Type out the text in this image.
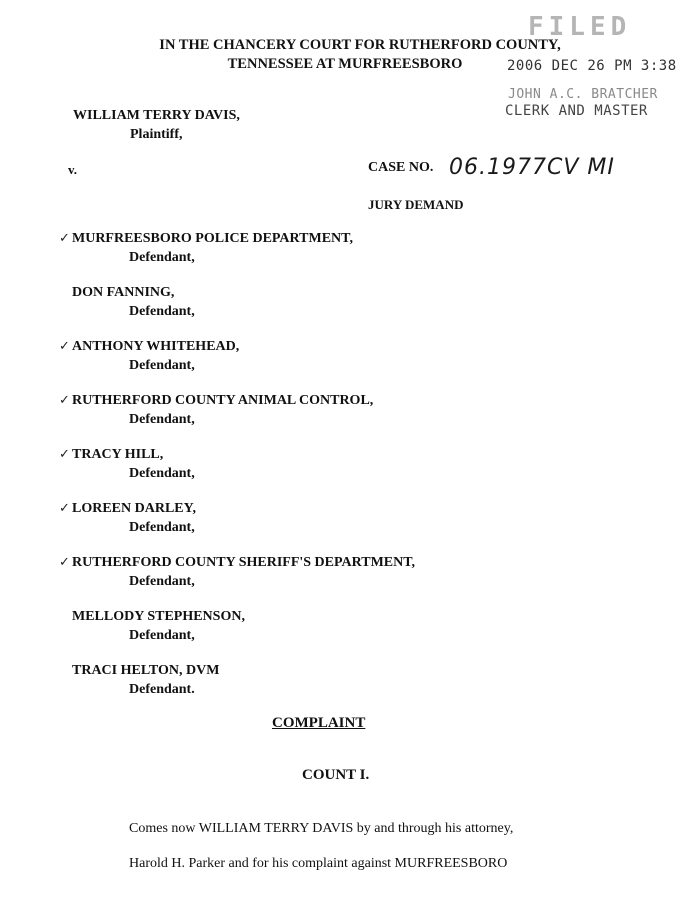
IN THE CHANCERY COURT FOR RUTHERFORD COUNTY,
TENNESSEE AT MURFREESBORO
FILED
2006 DEC 26 PM 3:38
JOHN A.C. BRATCHER
CLERK AND MASTER
WILLIAM TERRY DAVIS,
Plaintiff,
v.	CASE NO. 06.1977CV MI
JURY DEMAND
✓ MURFREESBORO POLICE DEPARTMENT,
Defendant,
DON FANNING,
Defendant,
✓ ANTHONY WHITEHEAD,
Defendant,
✓ RUTHERFORD COUNTY ANIMAL CONTROL,
Defendant,
✓ TRACY HILL,
Defendant,
✓ LOREEN DARLEY,
Defendant,
✓ RUTHERFORD COUNTY SHERIFF'S DEPARTMENT,
Defendant,
MELLODY STEPHENSON,
Defendant,
TRACI HELTON, DVM
Defendant.
COMPLAINT
COUNT I.
Comes now WILLIAM TERRY DAVIS by and through his attorney,
Harold H. Parker and for his complaint against MURFREESBORO
